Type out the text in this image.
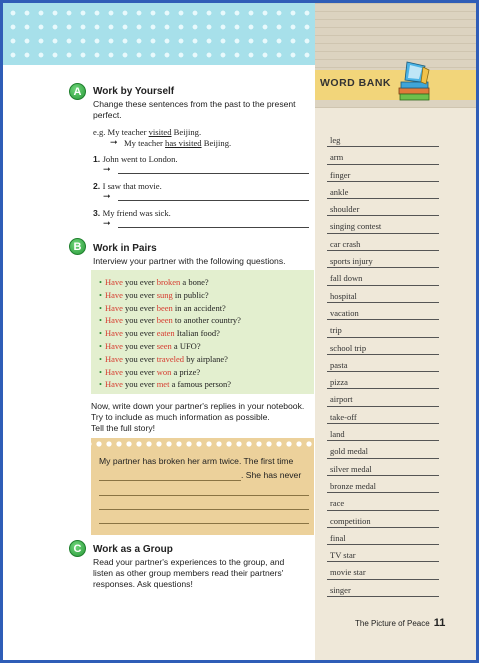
WORD BANK
leg
arm
finger
ankle
shoulder
singing contest
car crash
sports injury
fall down
hospital
vacation
trip
school trip
pasta
pizza
airport
take-off
land
gold medal
silver medal
bronze medal
race
competition
final
TV star
movie star
singer
The Picture of Peace 11
A	Work by Yourself
Change these sentences from the past to the present
perfect.
e.g. My teacher visited Beijing.
➞ My teacher has visited Beijing.
1. John went to London.
➞
2. I saw that movie.
➞
3. My friend was sick.
➞
B	Work in Pairs
Interview your partner with the following questions.
• Have you ever broken a bone?
• Have you ever sung in public?
• Have you ever been in an accident?
• Have you ever been to another country?
• Have you ever eaten Italian food?
• Have you ever seen a UFO?
• Have you ever traveled by airplane?
• Have you ever won a prize?
• Have you ever met a famous person?
Now, write down your partner's replies in your notebook.
Try to include as much information as possible.
Tell the full story!
My partner has broken her arm twice. The first time
. She has never
C	Work as a Group
Read your partner's experiences to the group, and
listen as other group members read their partners'
responses. Ask questions!
